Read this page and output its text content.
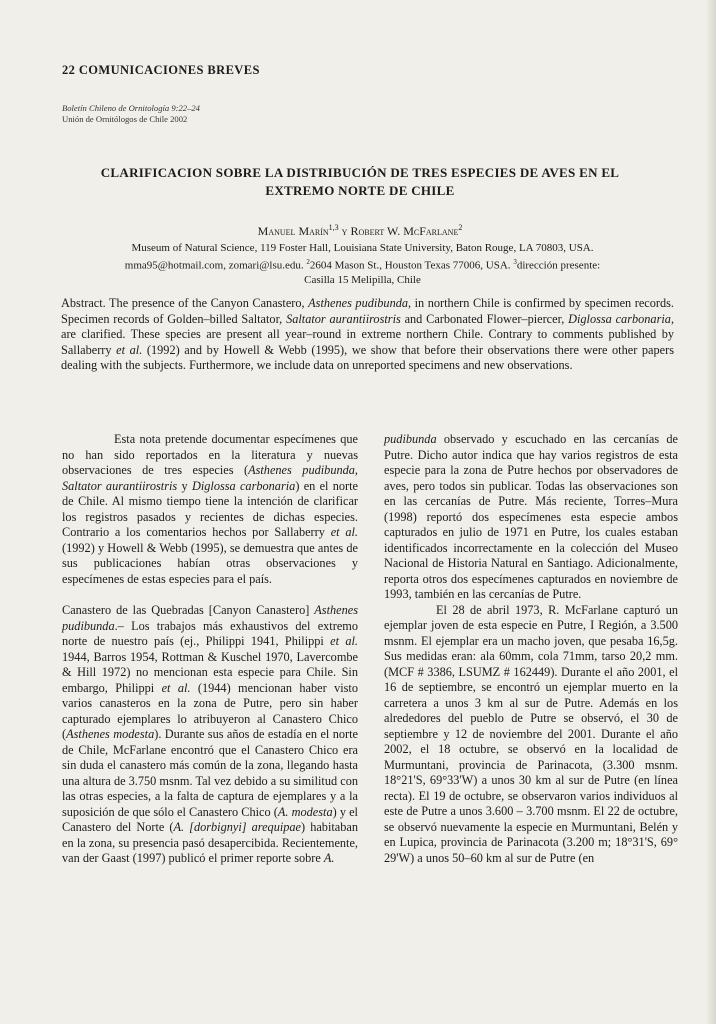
22 COMUNICACIONES BREVES
Boletín Chileno de Ornitología 9:22–24
Unión de Ornitólogos de Chile 2002
CLARIFICACION SOBRE LA DISTRIBUCIÓN DE TRES ESPECIES DE AVES EN EL
EXTREMO NORTE DE CHILE
Manuel Marín$^{1,3}$ y Robert W. McFarlane$^2$
Museum of Natural Science, 119 Foster Hall, Louisiana State University, Baton Rouge, LA 70803, USA.
mma95@hotmail.com, zomari@lsu.edu. $^2$2604 Mason St., Houston Texas 77006, USA. $^3$dirección presente:
Casilla 15 Melipilla, Chile
Abstract. The presence of the Canyon Canastero, Asthenes pudibunda, in northern Chile is confirmed by specimen records. Specimen records of Golden–billed Saltator, Saltator aurantiirostris and Carbonated Flower–piercer, Diglossa carbonaria, are clarified. These species are present all year–round in extreme northern Chile. Contrary to comments published by Sallaberry et al. (1992) and by Howell & Webb (1995), we show that before their observations there were other papers dealing with the subjects. Furthermore, we include data on unreported specimens and new observations.

Esta nota pretende documentar especímenes que no han sido reportados en la literatura y nuevas observaciones de tres especies (Asthenes pudibunda, Saltator aurantiirostris y Diglossa carbonaria) en el norte de Chile. Al mismo tiempo tiene la intención de clarificar los registros pasados y recientes de dichas especies. Contrario a los comentarios hechos por Sallaberry et al. (1992) y Howell & Webb (1995), se demuestra que antes de sus publicaciones habían otras observaciones y especímenes de estas especies para el país.

Canastero de las Quebradas [Canyon Canastero] Asthenes pudibunda.– Los trabajos más exhaustivos del extremo norte de nuestro país (ej., Philippi 1941, Philippi et al. 1944, Barros 1954, Rottman & Kuschel 1970, Lavercombe & Hill 1972) no mencionan esta especie para Chile. Sin embargo, Philippi et al. (1944) mencionan haber visto varios canasteros en la zona de Putre, pero sin haber capturado ejemplares lo atribuyeron al Canastero Chico (Asthenes modesta). Durante sus años de estadía en el norte de Chile, McFarlane encontró que el Canastero Chico era sin duda el canastero más común de la zona, llegando hasta una altura de 3.750 msnm. Tal vez debido a su similitud con las otras especies, a la falta de captura de ejemplares y a la suposición de que sólo el Canastero Chico (A. modesta) y el Canastero del Norte (A. [dorbignyi] arequipae) habitaban en la zona, su presencia pasó desapercibida. Recientemente, van der Gaast (1997) publicó el primer reporte sobre A.

pudibunda observado y escuchado en las cercanías de Putre. Dicho autor indica que hay varios registros de esta especie para la zona de Putre hechos por observadores de aves, pero todos sin publicar. Todas las observaciones son en las cercanías de Putre. Más reciente, Torres–Mura (1998) reportó dos especímenes esta especie ambos capturados en julio de 1971 en Putre, los cuales estaban identificados incorrectamente en la colección del Museo Nacional de Historia Natural en Santiago. Adicionalmente, reporta otros dos especímenes capturados en noviembre de 1993, también en las cercanías de Putre.

El 28 de abril 1973, R. McFarlane capturó un ejemplar joven de esta especie en Putre, I Región, a 3.500 msnm. El ejemplar era un macho joven, que pesaba 16,5g. Sus medidas eran: ala 60mm, cola 71mm, tarso 20,2 mm. (MCF # 3386, LSUMZ # 162449). Durante el año 2001, el 16 de septiembre, se encontró un ejemplar muerto en la carretera a unos 3 km al sur de Putre. Además en los alrededores del pueblo de Putre se observó, el 30 de septiembre y 12 de noviembre del 2001. Durante el año 2002, el 18 octubre, se observó en la localidad de Murmuntani, provincia de Parinacota, (3.300 msnm. 18°21'S, 69°33'W) a unos 30 km al sur de Putre (en línea recta). El 19 de octubre, se observaron varios individuos al este de Putre a unos 3.600 – 3.700 msnm. El 22 de octubre, se observó nuevamente la especie en Murmuntani, Belén y en Lupica, provincia de Parinacota (3.200 m; 18°31'S, 69° 29'W) a unos 50–60 km al sur de Putre (en
